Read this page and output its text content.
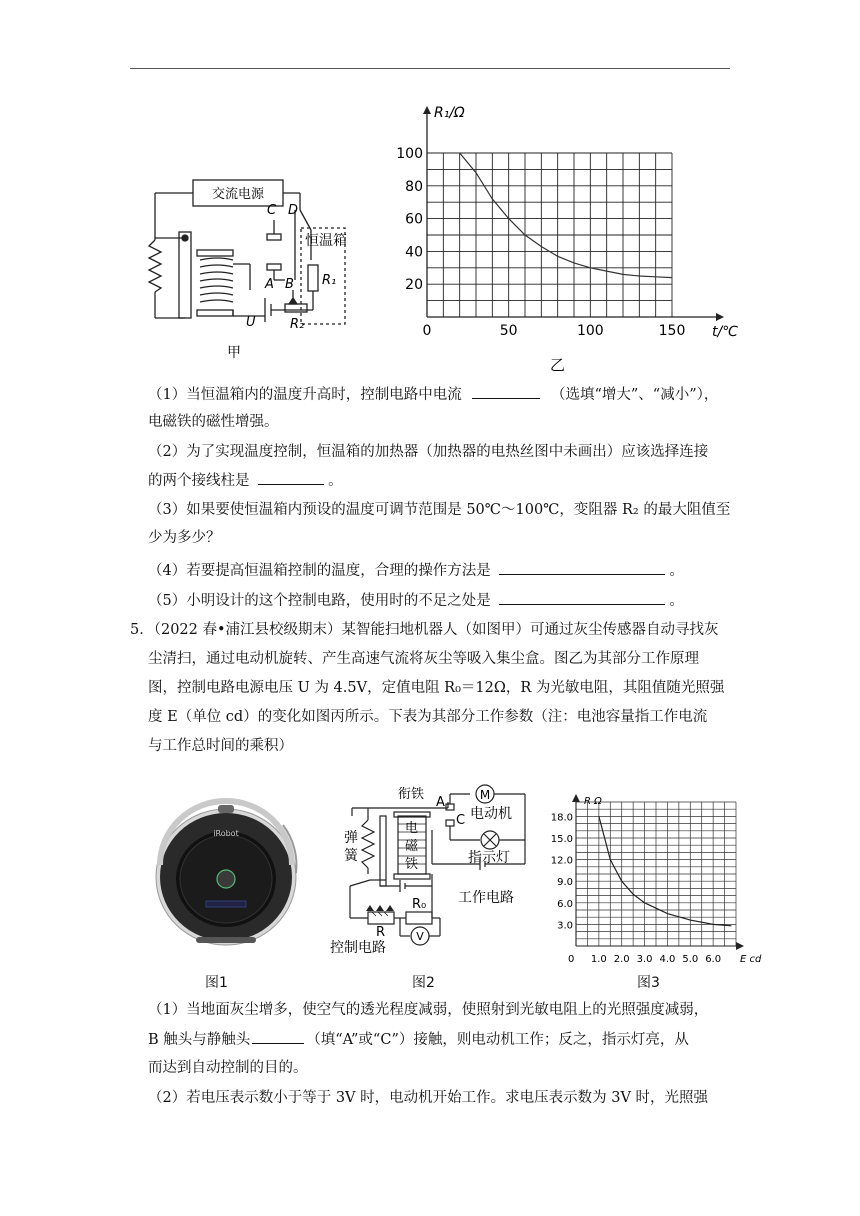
交流电源
C D
A B
恒温箱
R₁
R₂
U
甲
R₁/Ω
t/℃
0	50	100	150
20
40
60
80
100
乙
（1）当恒温箱内的温度升高时，控制电路中电流	（选填“增大”、“减小”），
电磁铁的磁性增强。
（2）为了实现温度控制，恒温箱的加热器（加热器的电热丝图中未画出）应该选择连接
的两个接线柱是	。
（3）如果要使恒温箱内预设的温度可调节范围是 50℃～100℃，变阻器 R₂ 的最大阻值至
少为多少？
（4）若要提高恒温箱控制的温度，合理的操作方法是	。
（5）小明设计的这个控制电路，使用时的不足之处是	。
5．（2022 春•浦江县校级期末）某智能扫地机器人（如图甲）可通过灰尘传感器自动寻找灰
尘清扫，通过电动机旋转、产生高速气流将灰尘等吸入集尘盒。图乙为其部分工作原理
图，控制电路电源电压 U 为 4.5V，定值电阻 R₀＝12Ω，R 为光敏电阻，其阻值随光照强
度 E（单位 cd）的变化如图丙所示。下表为其部分工作参数（注：电池容量指工作电流
与工作总时间的乘积）
iRobot
图1
衔铁
A
C
M
电动机
弹
簧
电
磁
铁	指示灯
工作电路
R
R₀
V
控制电路
图2
R Ω
E cd
0 1.0 2.0 3.0 4.0 5.0 6.0
3.0
6.0
9.0
12.0
15.0
18.0
图3
（1）当地面灰尘增多，使空气的透光程度减弱，使照射到光敏电阻上的光照强度减弱，
B 触头与静触头	（填“A”或“C”）接触，则电动机工作；反之，指示灯亮，从
而达到自动控制的目的。
（2）若电压表示数小于等于 3V 时，电动机开始工作。求电压表示数为 3V 时，光照强
